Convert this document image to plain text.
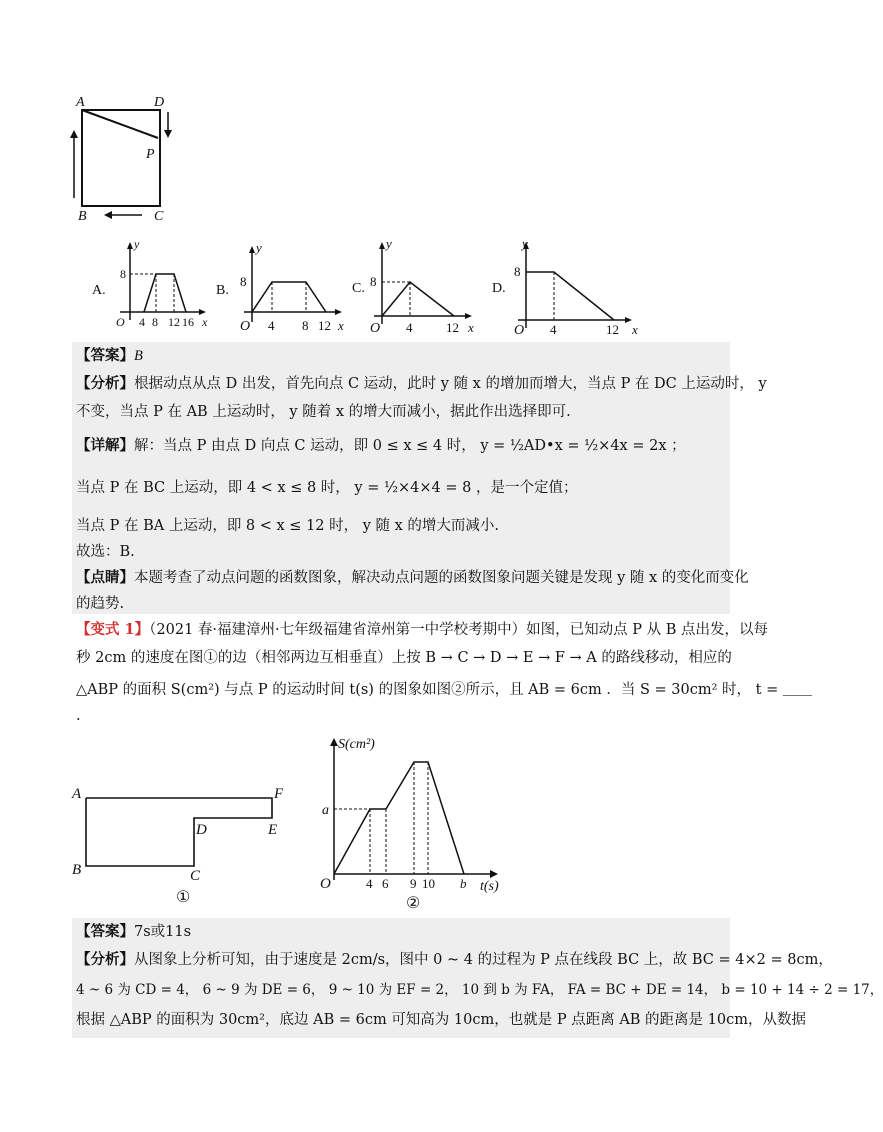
A	D
P
B	C
A.
y
8
O 4 8 12 16 x
B.
y
8
O 4 8 12 x
C.
y
8
O 4	12 x
D.
y
8
O 4	12 x
【答案】B
【分析】根据动点从点 D 出发，首先向点 C 运动，此时 y 随 x 的增加而增大，当点 P 在 DC 上运动时， y
不变，当点 P 在 AB 上运动时， y 随着 x 的增大而减小，据此作出选择即可.
【详解】解：当点 P 由点 D 向点 C 运动，即 0 ≤ x ≤ 4 时， y = ½AD•x = ½×4x = 2x ；
当点 P 在 BC 上运动，即 4 < x ≤ 8 时， y = ½×4×4 = 8 ，是一个定值；
当点 P 在 BA 上运动，即 8 < x ≤ 12 时， y 随 x 的增大而减小.
故选：B.
【点睛】本题考查了动点问题的函数图象，解决动点问题的函数图象问题关键是发现 y 随 x 的变化而变化
的趋势.
【变式 1】（2021 春·福建漳州·七年级福建省漳州第一中学校考期中）如图，已知动点 P 从 B 点出发，以每
秒 2cm 的速度在图①的边（相邻两边互相垂直）上按 B → C → D → E → F → A 的路线移动，相应的
△ABP 的面积 S(cm²) 与点 P 的运动时间 t(s) 的图象如图②所示，且 AB = 6cm ．当 S = 30cm² 时， t = ＿＿
.
A
B	C
D	E
F
①
S(cm²)
a
O	4 6 9 10 b t(s)
②
【答案】7s或11s
【分析】从图象上分析可知，由于速度是 2cm/s，图中 0 ~ 4 的过程为 P 点在线段 BC 上，故 BC = 4×2 = 8cm，
4 ~ 6 为 CD = 4， 6 ~ 9 为 DE = 6， 9 ~ 10 为 EF = 2， 10 到 b 为 FA， FA = BC + DE = 14， b = 10 + 14 ÷ 2 = 17，
根据 △ABP 的面积为 30cm²，底边 AB = 6cm 可知高为 10cm，也就是 P 点距离 AB 的距离是 10cm，从数据
